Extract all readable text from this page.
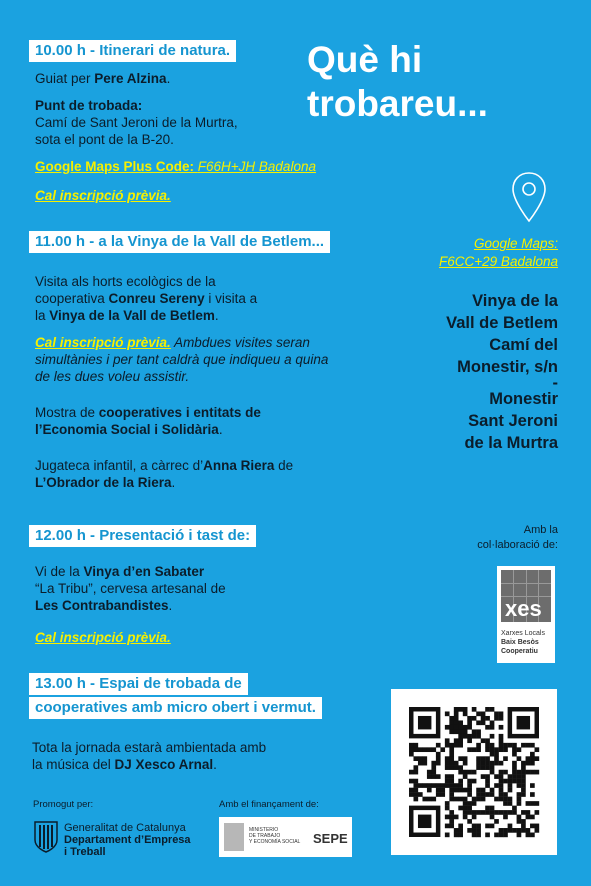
10.00 h - Itinerari de natura.
Guiat per Pere Alzina.
Punt de trobada:
Camí de Sant Jeroni de la Murtra,
sota el pont de la B-20.
Google Maps Plus Code: F66H+JH Badalona
Cal inscripció prèvia.
11.00 h - a la Vinya de la Vall de Betlem...
Visita als horts ecològics de la
cooperativa Conreu Sereny i visita a
la Vinya de la Vall de Betlem.
Cal inscripció prèvia. Ambdues visites seran
simultànies i per tant caldrà que indiqueu a quina
de les dues voleu assistir.
Mostra de cooperatives i entitats de
l’Economia Social i Solidària.
Jugateca infantil, a càrrec d’Anna Riera de
L’Obrador de la Riera.
12.00 h - Presentació i tast de:
Vi de la Vinya d’en Sabater
“La Tribu”, cervesa artesanal de
Les Contrabandistes.
Cal inscripció prèvia.
13.00 h - Espai de trobada de
cooperatives amb micro obert i vermut.
Tota la jornada estarà ambientada amb
la música del DJ Xesco Arnal.
Què hi
trobareu...
Google Maps:
F6CC+29 Badalona
Vinya de la
Vall de Betlem
Camí del
Monestir, s/n
-
Monestir
Sant Jeroni
de la Murtra
Amb la
col·laboració de:
xes
Xarxes Locals
Baix Besòs
Cooperatiu
Promogut per:
Generalitat de Catalunya
Departament d’Empresa
i Treball
Amb el finançament de:
MINISTERIO
DE TRABAJO
Y ECONOMÍA SOCIAL SEPE
